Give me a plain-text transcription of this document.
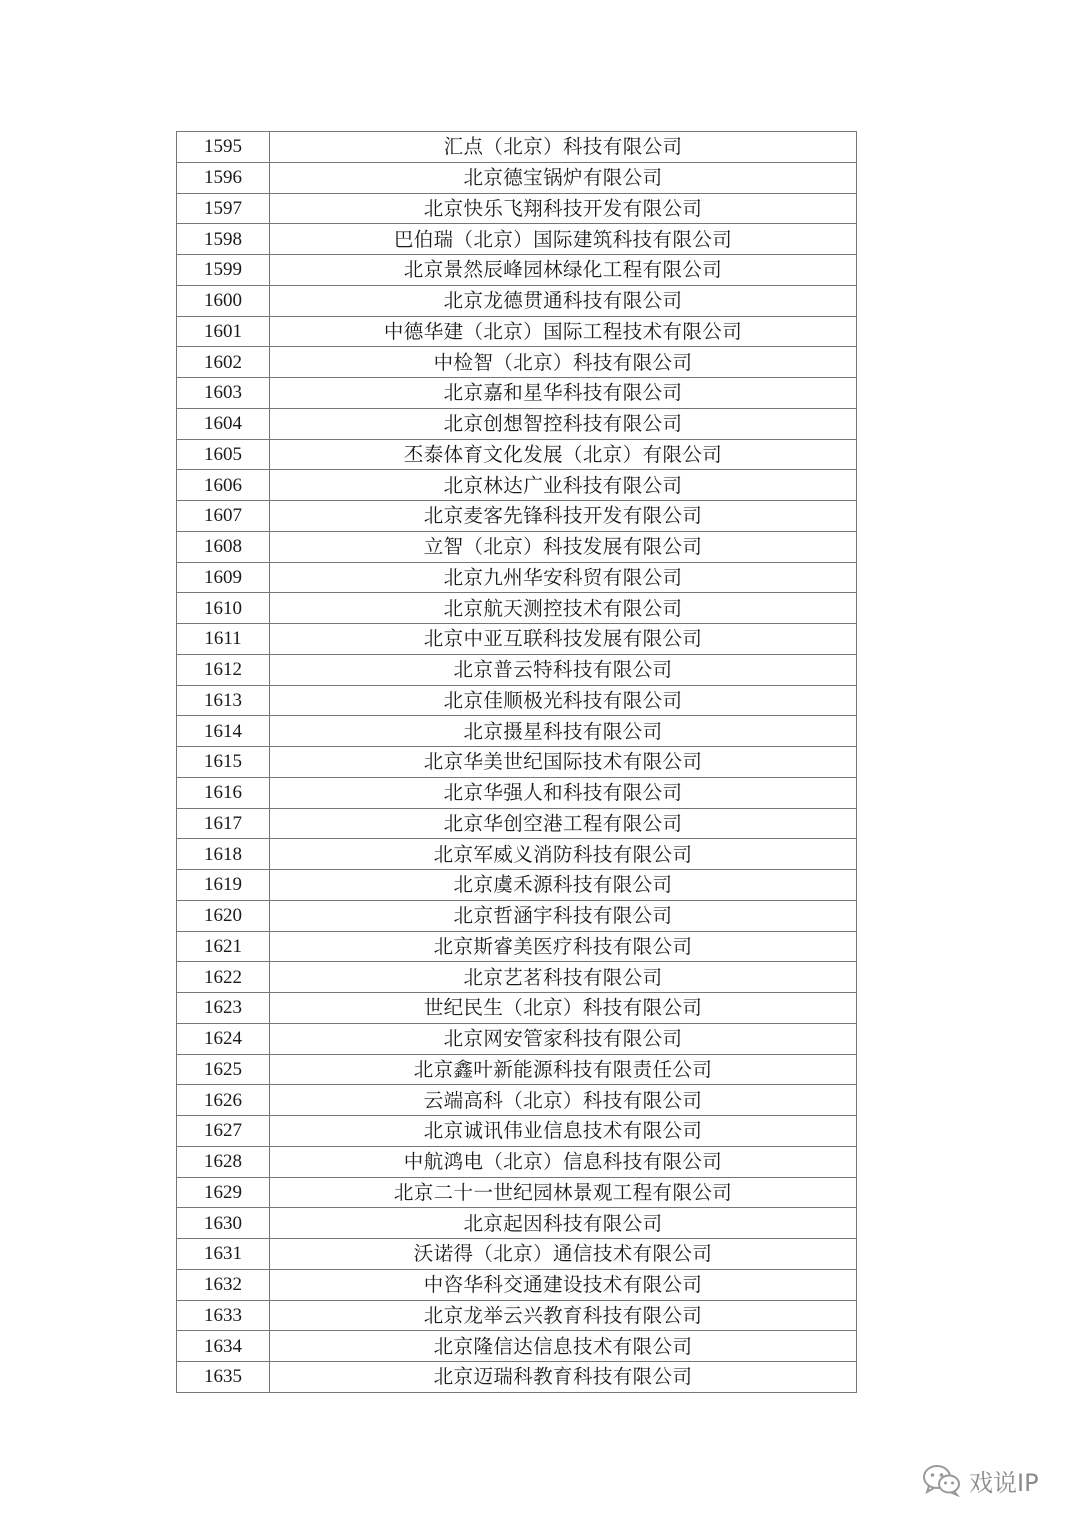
1595	汇点（北京）科技有限公司
1596	北京德宝锅炉有限公司
1597	北京快乐飞翔科技开发有限公司
1598	巴伯瑞（北京）国际建筑科技有限公司
1599	北京景然辰峰园林绿化工程有限公司
1600	北京龙德贯通科技有限公司
1601	中德华建（北京）国际工程技术有限公司
1602	中检智（北京）科技有限公司
1603	北京嘉和星华科技有限公司
1604	北京创想智控科技有限公司
1605	丕泰体育文化发展（北京）有限公司
1606	北京林达广业科技有限公司
1607	北京麦客先锋科技开发有限公司
1608	立智（北京）科技发展有限公司
1609	北京九州华安科贸有限公司
1610	北京航天测控技术有限公司
1611	北京中亚互联科技发展有限公司
1612	北京普云特科技有限公司
1613	北京佳顺极光科技有限公司
1614	北京摄星科技有限公司
1615	北京华美世纪国际技术有限公司
1616	北京华强人和科技有限公司
1617	北京华创空港工程有限公司
1618	北京军威义消防科技有限公司
1619	北京虞禾源科技有限公司
1620	北京哲涵宇科技有限公司
1621	北京斯睿美医疗科技有限公司
1622	北京艺茗科技有限公司
1623	世纪民生（北京）科技有限公司
1624	北京网安管家科技有限公司
1625	北京鑫叶新能源科技有限责任公司
1626	云端高科（北京）科技有限公司
1627	北京诚讯伟业信息技术有限公司
1628	中航鸿电（北京）信息科技有限公司
1629	北京二十一世纪园林景观工程有限公司
1630	北京起因科技有限公司
1631	沃诺得（北京）通信技术有限公司
1632	中咨华科交通建设技术有限公司
1633	北京龙举云兴教育科技有限公司
1634	北京隆信达信息技术有限公司
1635	北京迈瑞科教育科技有限公司
戏说IP
